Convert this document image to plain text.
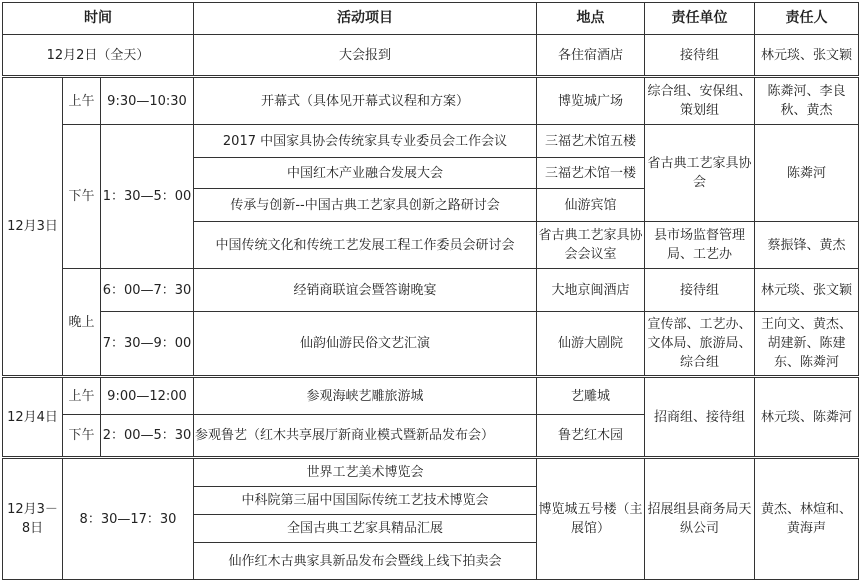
时间			活动项目	地点	责任单位	责任人
12月2日（全天）			大会报到	各住宿酒店	接待组	林元琰、张文颖
12月3日	上午	9:30—10:30	开幕式（具体见开幕式议程和方案）	博览城广场	综合组、安保组、策划组	陈粦河、李良秋、黄杰
	下午	1：30—5：00	2017 中国家具协会传统家具专业委员会工作会议	三福艺术馆五楼	省古典工艺家具协会	陈粦河
			中国红木产业融合发展大会	三福艺术馆一楼		
			传承与创新--中国古典工艺家具创新之路研讨会	仙游宾馆		
			中国传统文化和传统工艺发展工程工作委员会研讨会	省古典工艺家具协会会议室	县市场监督管理局、工艺办	蔡振锋、黄杰
	晚上	6：00—7：30	经销商联谊会暨答谢晚宴	大地京闽酒店	接待组	林元琰、张文颖
		7：30—9：00	仙韵仙游民俗文艺汇演	仙游大剧院	宣传部、工艺办、文体局、旅游局、综合组	王向文、黄杰、胡建新、陈建东、陈粦河
12月4日	上午	9:00—12:00	参观海峡艺雕旅游城	艺雕城	招商组、接待组	林元琰、陈粦河
	下午	2：00—5：30	参观鲁艺（红木共享展厅新商业模式暨新品发布会）	鲁艺红木园		
12月3－8日	8：30—17：30		世界工艺美术博览会	博览城五号楼（主展馆）	招展组县商务局天纵公司	黄杰、林煊和、黄海声
			中科院第三届中国国际传统工艺技术博览会			
			全国古典工艺家具精品汇展			
			仙作红木古典家具新品发布会暨线上线下拍卖会			
